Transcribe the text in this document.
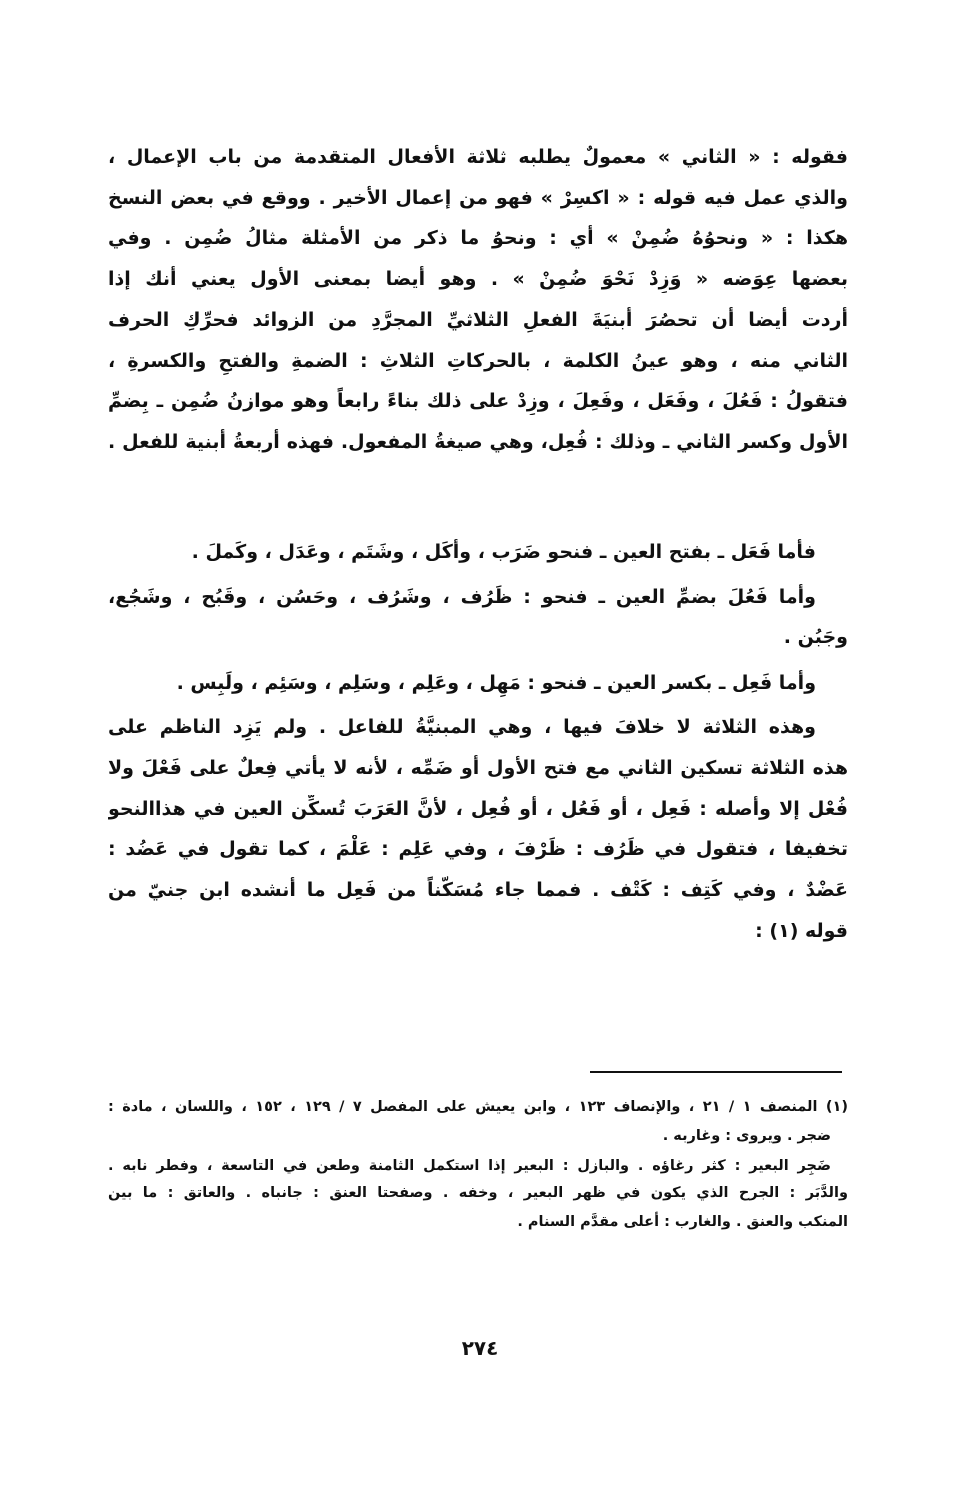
فقوله : « الثاني » معمولٌ يطلبه ثلاثة الأفعال المتقدمة من باب الإعمال ،
والذي عمل فيه قوله : « اكسِرْ » فهو من إعمال الأخير . ووقع في بعض النسخ
هكذا : « ونحوُهُ ضُمِنْ » أي : ونحوُ ما ذكر من الأمثلة مثالُ ضُمِن . وفي
بعضها عِوَضه « وَزِدْ نَحْوَ ضُمِنْ » . وهو أيضا بمعنى الأول يعني أنك إذا
أردت أيضا أن تحصُرَ أبنيَةَ الفعلِ الثلاثيِّ المجرَّدِ من الزوائد فحرِّكِ الحرف
الثاني منه ، وهو عينُ الكلمة ، بالحركاتِ الثلاثِ : الضمةِ والفتحِ والكسرةِ ،
فتقولُ : فَعُلَ ، وفَعَل ، وفَعِلَ ، وزِدْ على ذلك بناءً رابعاً وهو موازنُ ضُمِن ـ بِضمِّ
الأول وكسر الثاني ـ وذلك : فُعِل، وهي صيغةُ المفعول. فهذه أربعةُ أبنية للفعل .
فأما فَعَل ـ بفتح العين ـ فنحو ضَرَب ، وأكَل ، وشَتَم ، وعَدَل ، وكَملَ .
وأما فَعُلَ بضمِّ العين ـ فنحو : ظَرُف ، وشَرُف ، وحَسُن ، وقَبُح ، وشَجُع،
وجَبُن .
وأما فَعِل ـ بكسر العين ـ فنحو : مَهِل ، وعَلِم ، وسَلِم ، وسَئِم ، ولَبِس .
وهذه الثلاثة لا خلافَ فيها ، وهي المبنيَّةُ للفاعل . ولم يَزِد الناظم على
هذه الثلاثة تسكين الثاني مع فتح الأول أو ضَمِّه ، لأنه لا يأتي فِعلٌ على فَعْلَ ولا
فُعْل إلا وأصله : فَعِل ، أو فَعُل ، أو فُعِل ، لأنَّ العَرَبَ تُسكِّن العين في هذاالنحو
تخفيفا ، فتقول في ظَرُف : ظَرْفَ ، وفي عَلِم : عَلْمَ ، كما تقول في عَضُد :
عَضْدٌ ، وفي كَتِف : كَتْف . فمما جاء مُسَكَّناً من فَعِل ما أنشده ابن جنيّ من
قوله (١) :
(١) المنصف ١ / ٢١ ، والإنصاف ١٢٣ ، وابن يعيش على المفصل ٧ / ١٢٩ ، ١٥٢ ، واللسان ، مادة :
ضجر . ويروى : وغاربه .
ضَجِر البعير : كثر رغاؤه . والبازل : البعير إذا استكمل الثامنة وطعن في التاسعة ، وفطر نابه .
والدَّبَر : الجرح الذي يكون في ظهر البعير ، وخفه . وصفحتا العنق : جانباه . والعاتق : ما بين
المنكب والعنق . والغارب : أعلى مقدَّم السنام .
٢٧٤
